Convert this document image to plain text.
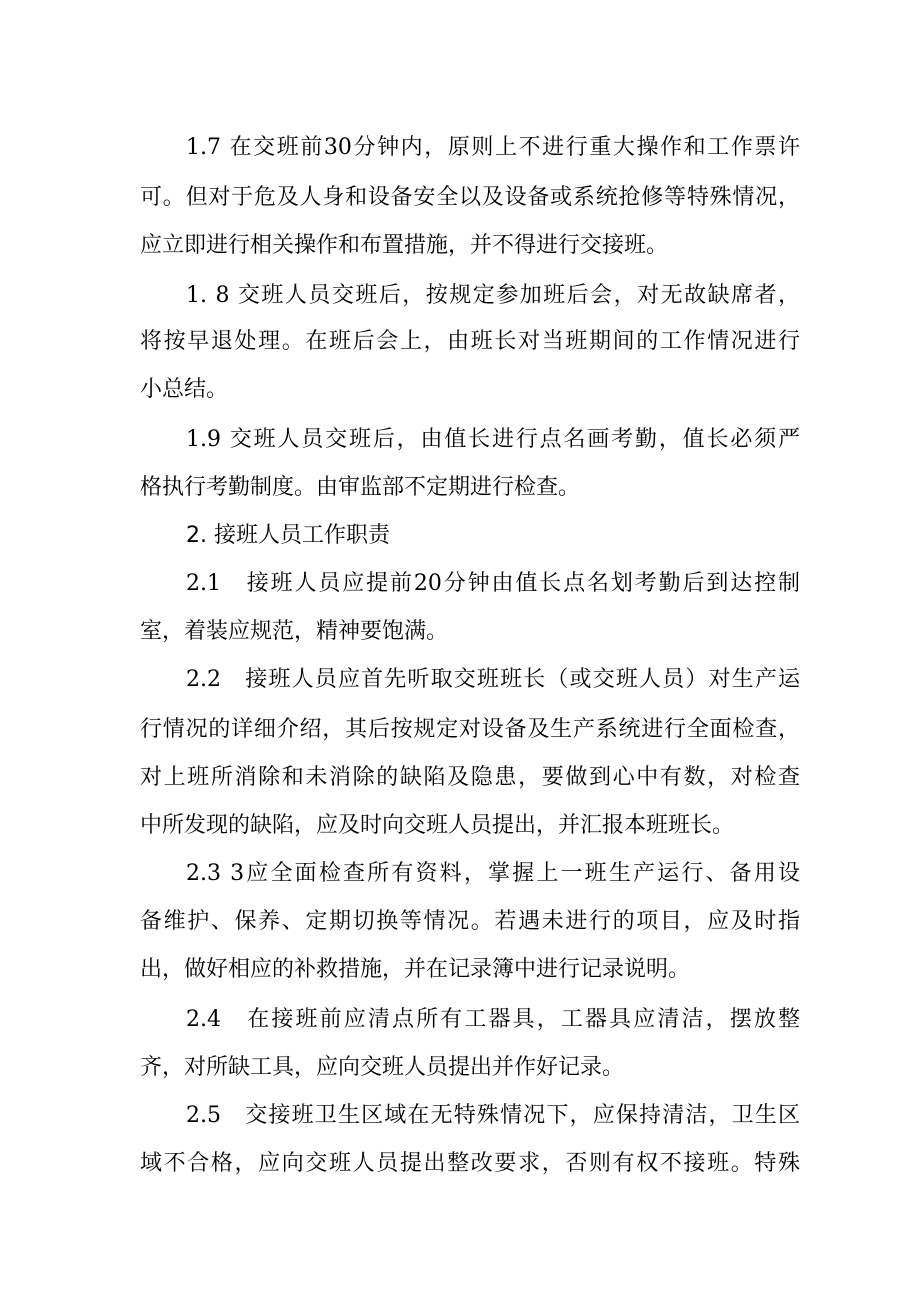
1.7 在交班前30分钟内，原则上不进行重大操作和工作票许
可。但对于危及人身和设备安全以及设备或系统抢修等特殊情况，
应立即进行相关操作和布置措施，并不得进行交接班。
1. 8 交班人员交班后，按规定参加班后会，对无故缺席者，
将按早退处理。在班后会上，由班长对当班期间的工作情况进行
小总结。
1.9 交班人员交班后，由值长进行点名画考勤，值长必须严
格执行考勤制度。由审监部不定期进行检查。
2. 接班人员工作职责
2.1　接班人员应提前20分钟由值长点名划考勤后到达控制
室，着装应规范，精神要饱满。
2.2　接班人员应首先听取交班班长（或交班人员）对生产运
行情况的详细介绍，其后按规定对设备及生产系统进行全面检查，
对上班所消除和未消除的缺陷及隐患，要做到心中有数，对检查
中所发现的缺陷，应及时向交班人员提出，并汇报本班班长。
2.3 3应全面检查所有资料，掌握上一班生产运行、备用设
备维护、保养、定期切换等情况。若遇未进行的项目，应及时指
出，做好相应的补救措施，并在记录簿中进行记录说明。
2.4　在接班前应清点所有工器具，工器具应清洁，摆放整
齐，对所缺工具，应向交班人员提出并作好记录。
2.5　交接班卫生区域在无特殊情况下，应保持清洁，卫生区
域不合格，应向交班人员提出整改要求，否则有权不接班。特殊
